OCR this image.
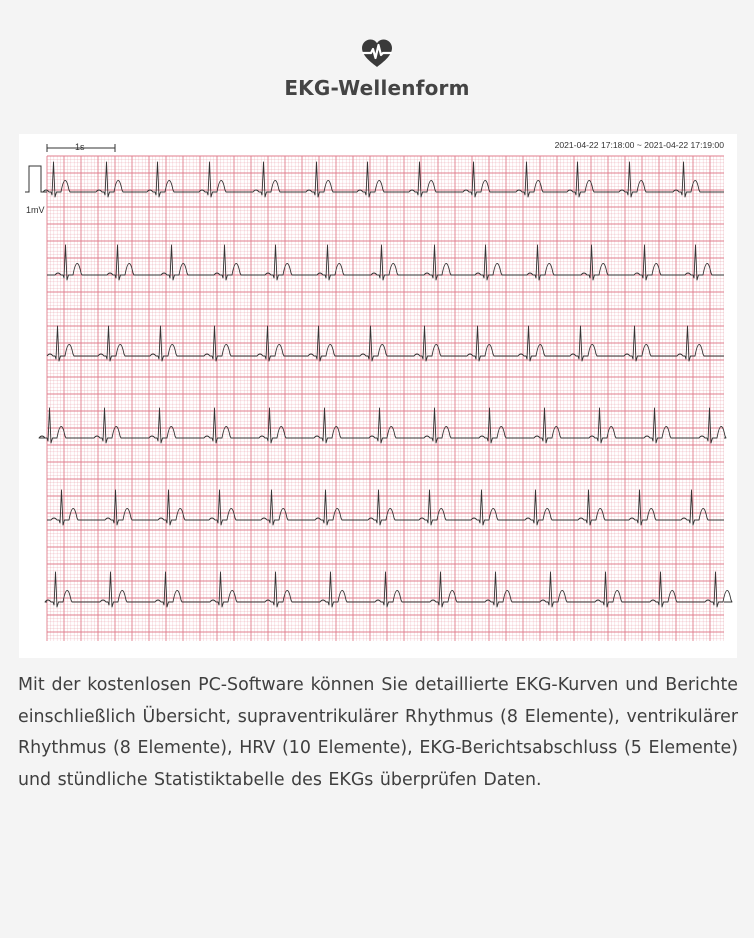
EKG-Wellenform
1s
1mV
2021-04-22 17:18:00 ~ 2021-04-22 17:19:00
Mit der kostenlosen PC-Software können Sie detaillierte EKG-Kurven und Berichte einschließlich Übersicht, supraventrikulärer Rhythmus (8 Elemente), ventrikulärer Rhythmus (8 Elemente), HRV (10 Elemente), EKG-Berichtsabschluss (5 Elemente) und stündliche Statistiktabelle des EKGs überprüfen Daten.
